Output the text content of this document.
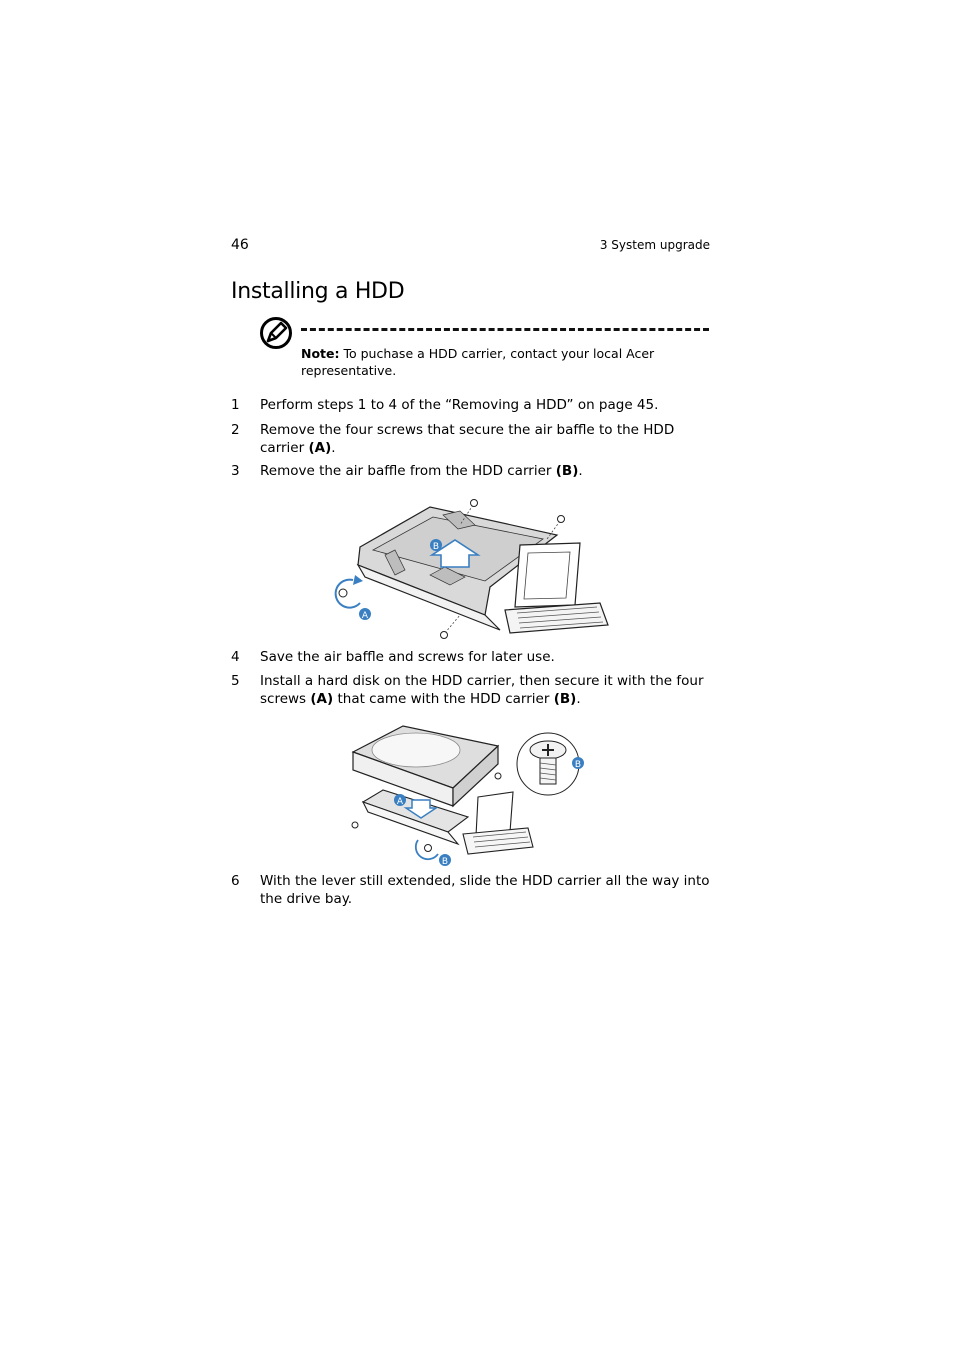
46	3 System upgrade
Installing a HDD
Note: To puchase a HDD carrier, contact your local Acer representative.
1	Perform steps 1 to 4 of the “Removing a HDD” on page 45.
2	Remove the four screws that secure the air baffle to the HDD carrier (A).
3	Remove the air baffle from the HDD carrier (B).
B
A
4	Save the air baffle and screws for later use.
5	Install a hard disk on the HDD carrier, then secure it with the four screws (A) that came with the HDD carrier (B).
A
B
B
6	With the lever still extended, slide the HDD carrier all the way into the drive bay.
